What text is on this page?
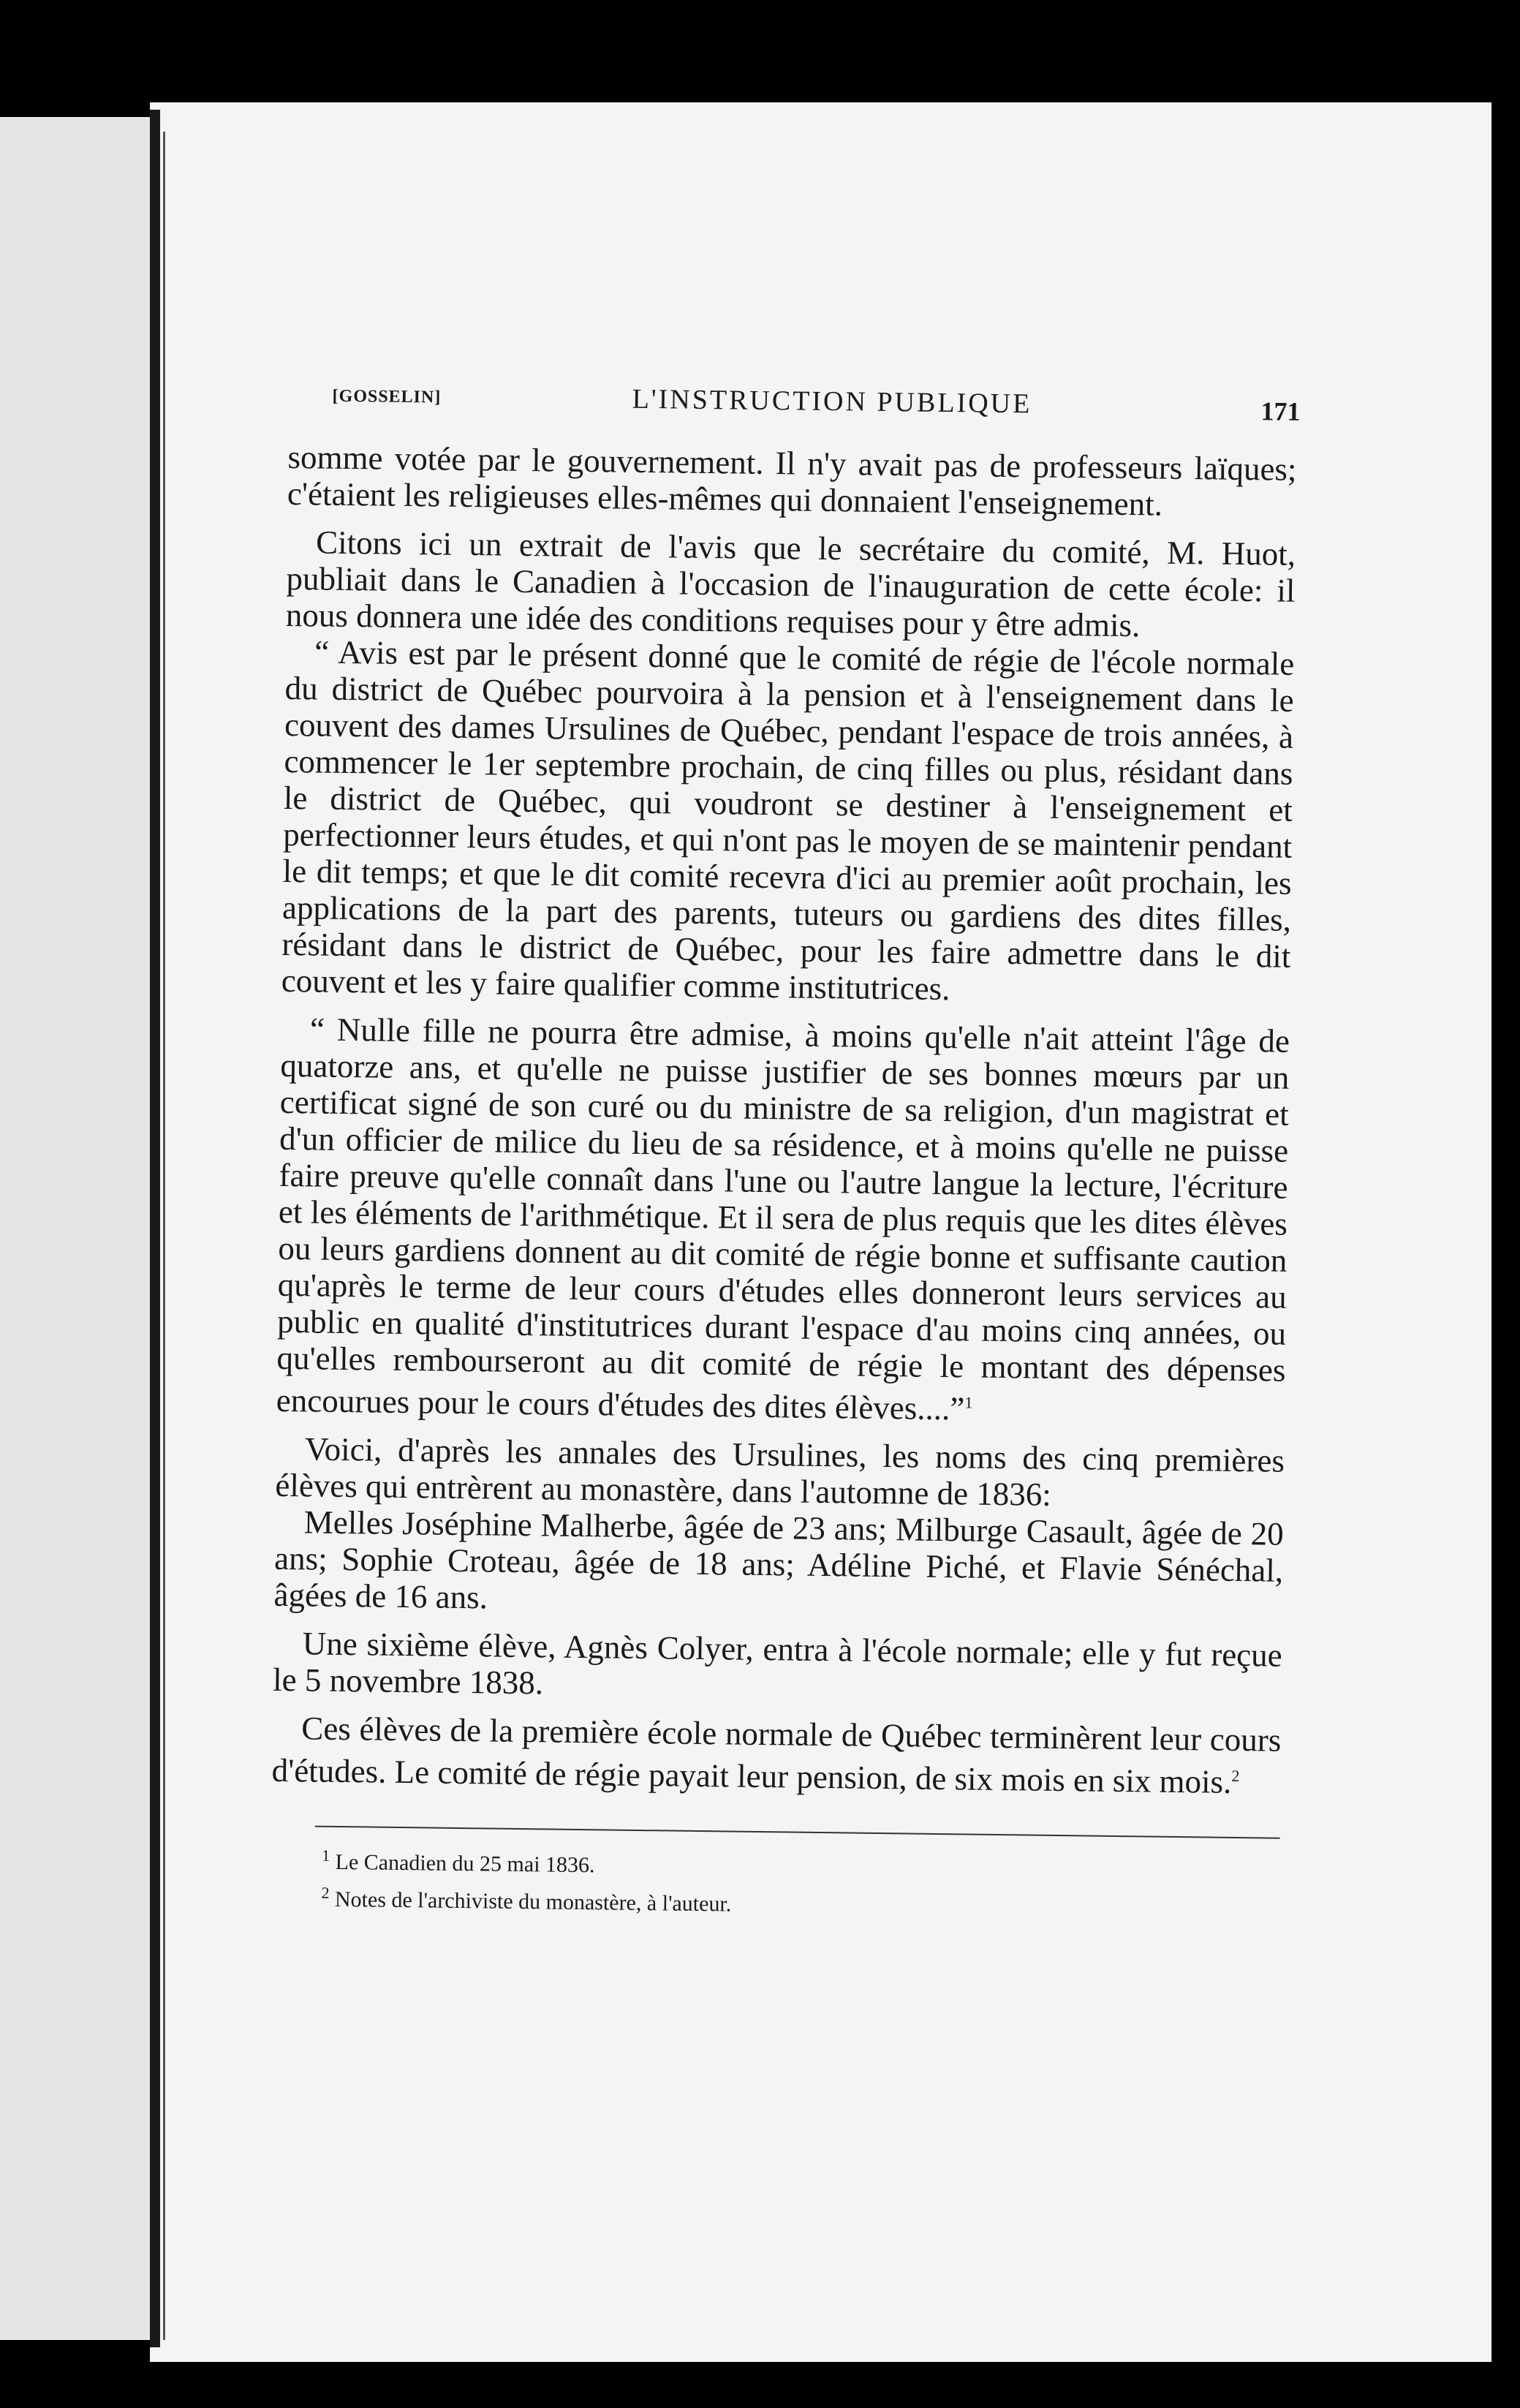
[GOSSELIN]	L'INSTRUCTION PUBLIQUE	171

somme votée par le gouvernement. Il n'y avait pas de professeurs laïques; c'étaient les religieuses elles-mêmes qui donnaient l'enseignement.

Citons ici un extrait de l'avis que le secrétaire du comité, M. Huot, publiait dans le Canadien à l'occasion de l'inauguration de cette école: il nous donnera une idée des conditions requises pour y être admis.

“ Avis est par le présent donné que le comité de régie de l'école normale du district de Québec pourvoira à la pension et à l'enseignement dans le couvent des dames Ursulines de Québec, pendant l'espace de trois années, à commencer le 1er septembre prochain, de cinq filles ou plus, résidant dans le district de Québec, qui voudront se destiner à l'enseignement et perfectionner leurs études, et qui n'ont pas le moyen de se maintenir pendant le dit temps; et que le dit comité recevra d'ici au premier août prochain, les applications de la part des parents, tuteurs ou gardiens des dites filles, résidant dans le district de Québec, pour les faire admettre dans le dit couvent et les y faire qualifier comme institutrices.

“ Nulle fille ne pourra être admise, à moins qu'elle n'ait atteint l'âge de quatorze ans, et qu'elle ne puisse justifier de ses bonnes mœurs par un certificat signé de son curé ou du ministre de sa religion, d'un magistrat et d'un officier de milice du lieu de sa résidence, et à moins qu'elle ne puisse faire preuve qu'elle connaît dans l'une ou l'autre langue la lecture, l'écriture et les éléments de l'arithmétique. Et il sera de plus requis que les dites élèves ou leurs gardiens donnent au dit comité de régie bonne et suffisante caution qu'après le terme de leur cours d'études elles donneront leurs services au public en qualité d'institutrices durant l'espace d'au moins cinq années, ou qu'elles rembourseront au dit comité de régie le montant des dépenses encourues pour le cours d'études des dites élèves....”$^1$

Voici, d'après les annales des Ursulines, les noms des cinq premières élèves qui entrèrent au monastère, dans l'automne de 1836:

Melles Joséphine Malherbe, âgée de 23 ans; Milburge Casault, âgée de 20 ans; Sophie Croteau, âgée de 18 ans; Adéline Piché, et Flavie Sénéchal, âgées de 16 ans.

Une sixième élève, Agnès Colyer, entra à l'école normale; elle y fut reçue le 5 novembre 1838.

Ces élèves de la première école normale de Québec terminèrent leur cours d'études. Le comité de régie payait leur pension, de six mois en six mois.$^2$

$^1$ Le Canadien du 25 mai 1836.
$^2$ Notes de l'archiviste du monastère, à l'auteur.
